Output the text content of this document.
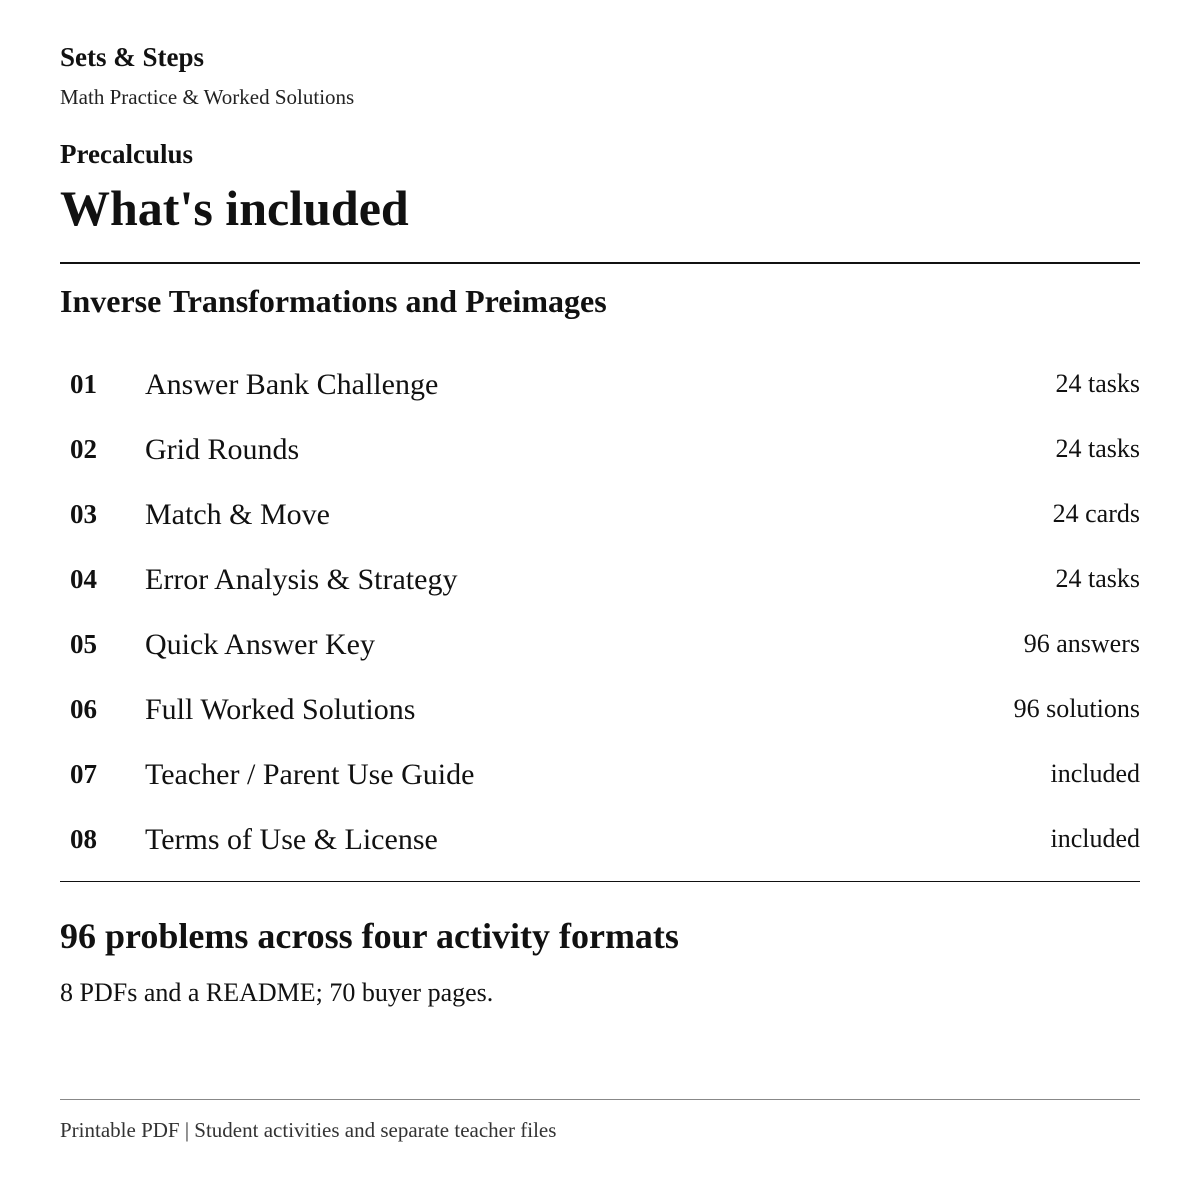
Sets & Steps
Math Practice & Worked Solutions
Precalculus
What's included
Inverse Transformations and Preimages
01 Answer Bank Challenge	24 tasks
02 Grid Rounds	24 tasks
03 Match & Move	24 cards
04 Error Analysis & Strategy	24 tasks
05 Quick Answer Key	96 answers
06 Full Worked Solutions	96 solutions
07 Teacher / Parent Use Guide	included
08 Terms of Use & License	included
96 problems across four activity formats
8 PDFs and a README; 70 buyer pages.
Printable PDF | Student activities and separate teacher files
